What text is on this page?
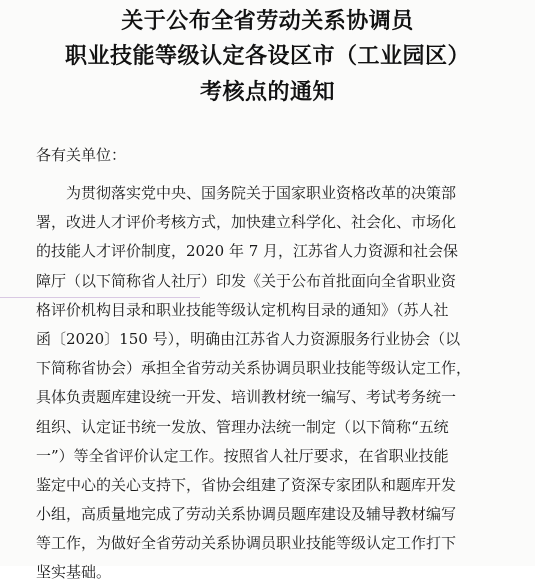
关于公布全省劳动关系协调员
职业技能等级认定各设区市（工业园区）
考核点的通知
各有关单位：
为贯彻落实党中央、国务院关于国家职业资格改革的决策部
署，改进人才评价考核方式，加快建立科学化、社会化、市场化
的技能人才评价制度，2020 年 7 月，江苏省人力资源和社会保
障厅（以下简称省人社厅）印发《关于公布首批面向全省职业资
格评价机构目录和职业技能等级认定机构目录的通知》（苏人社
函〔2020〕150 号），明确由江苏省人力资源服务行业协会（以
下简称省协会）承担全省劳动关系协调员职业技能等级认定工作，
具体负责题库建设统一开发、培训教材统一编写、考试考务统一
组织、认定证书统一发放、管理办法统一制定（以下简称“五统
一”）等全省评价认定工作。按照省人社厅要求，在省职业技能
鉴定中心的关心支持下，省协会组建了资深专家团队和题库开发
小组，高质量地完成了劳动关系协调员题库建设及辅导教材编写
等工作，为做好全省劳动关系协调员职业技能等级认定工作打下
坚实基础。
